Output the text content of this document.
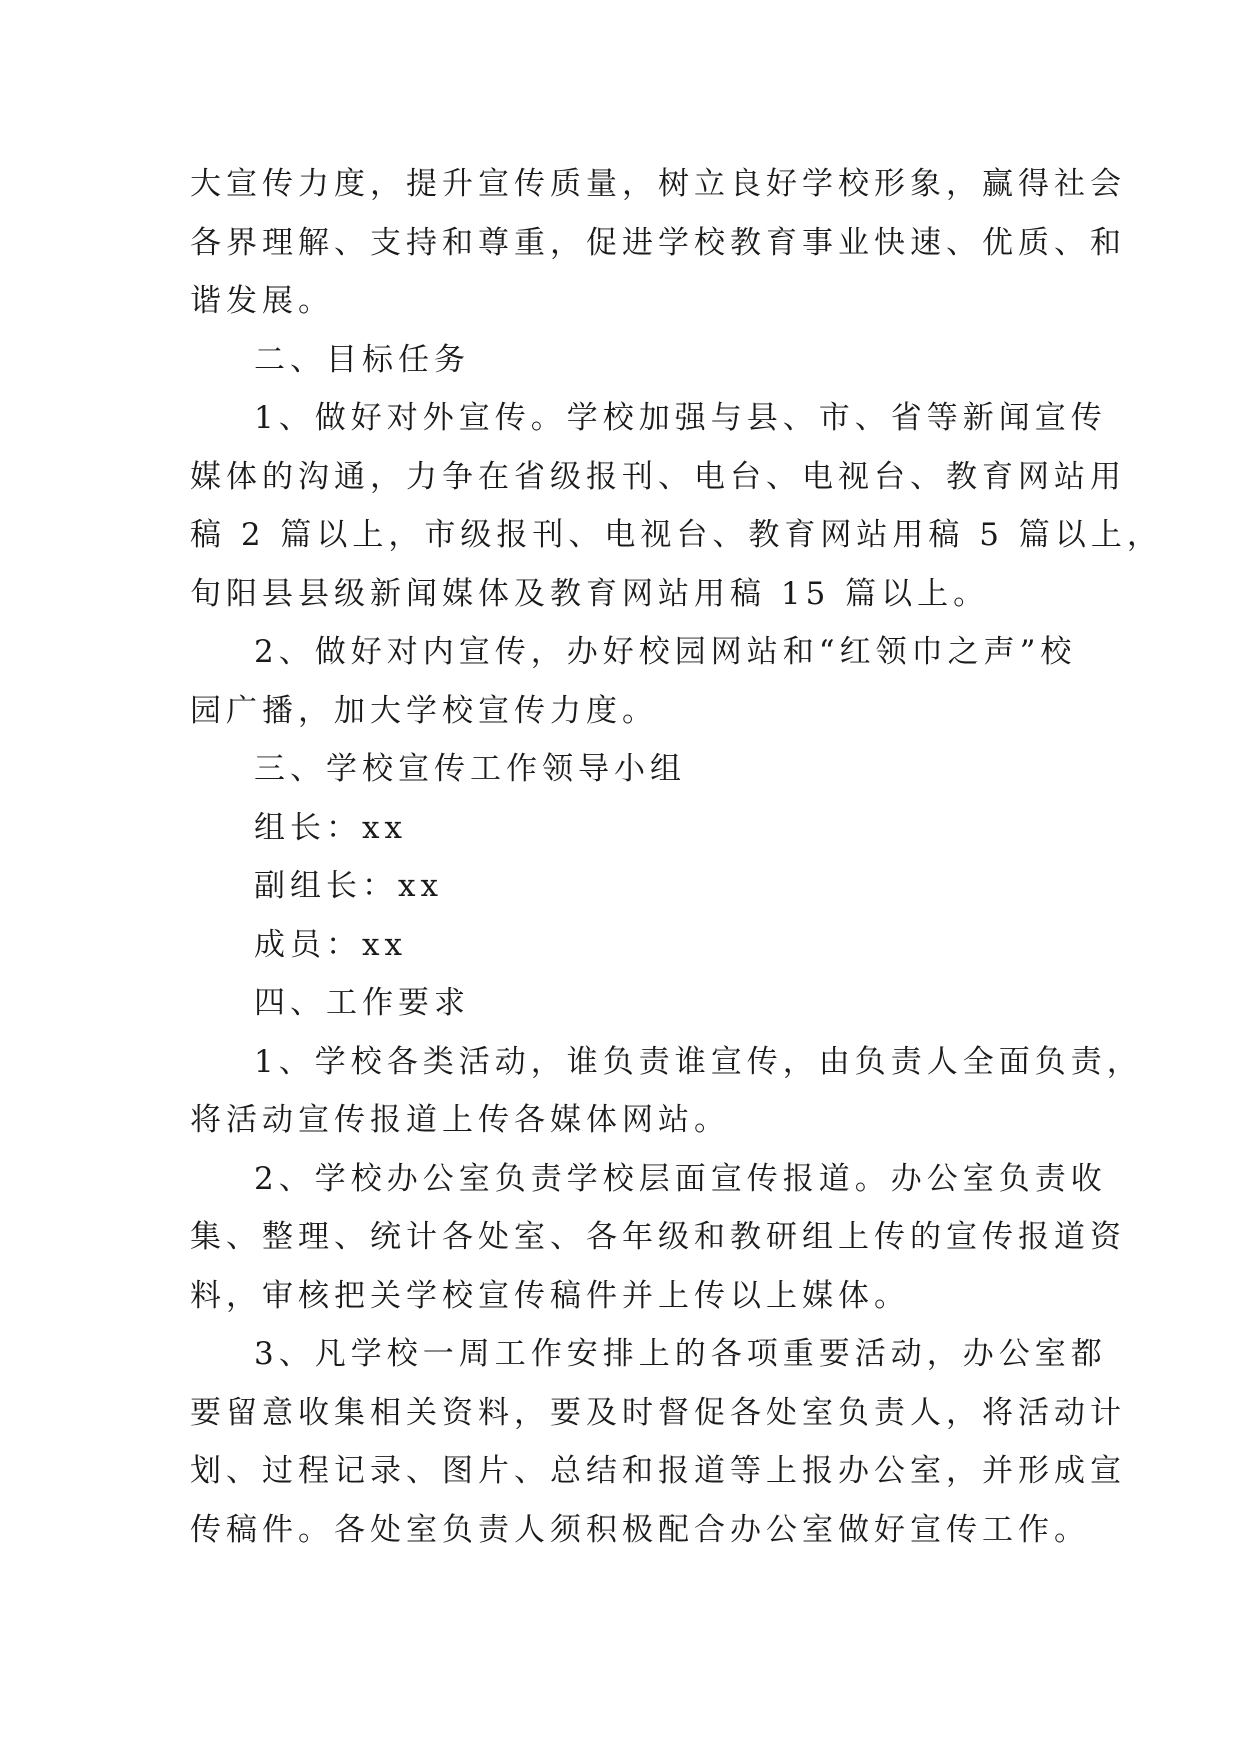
大宣传力度，提升宣传质量，树立良好学校形象，赢得社会
各界理解、支持和尊重，促进学校教育事业快速、优质、和
谐发展。

二、目标任务

1、做好对外宣传。学校加强与县、市、省等新闻宣传
媒体的沟通，力争在省级报刊、电台、电视台、教育网站用
稿 2 篇以上，市级报刊、电视台、教育网站用稿 5 篇以上，
旬阳县县级新闻媒体及教育网站用稿 15 篇以上。

2、做好对内宣传，办好校园网站和“红领巾之声”校
园广播，加大学校宣传力度。

三、学校宣传工作领导小组

组长：xx

副组长：xx

成员：xx

四、工作要求

1、学校各类活动，谁负责谁宣传，由负责人全面负责，
将活动宣传报道上传各媒体网站。

2、学校办公室负责学校层面宣传报道。办公室负责收
集、整理、统计各处室、各年级和教研组上传的宣传报道资
料，审核把关学校宣传稿件并上传以上媒体。

3、凡学校一周工作安排上的各项重要活动，办公室都
要留意收集相关资料，要及时督促各处室负责人，将活动计
划、过程记录、图片、总结和报道等上报办公室，并形成宣
传稿件。各处室负责人须积极配合办公室做好宣传工作。
